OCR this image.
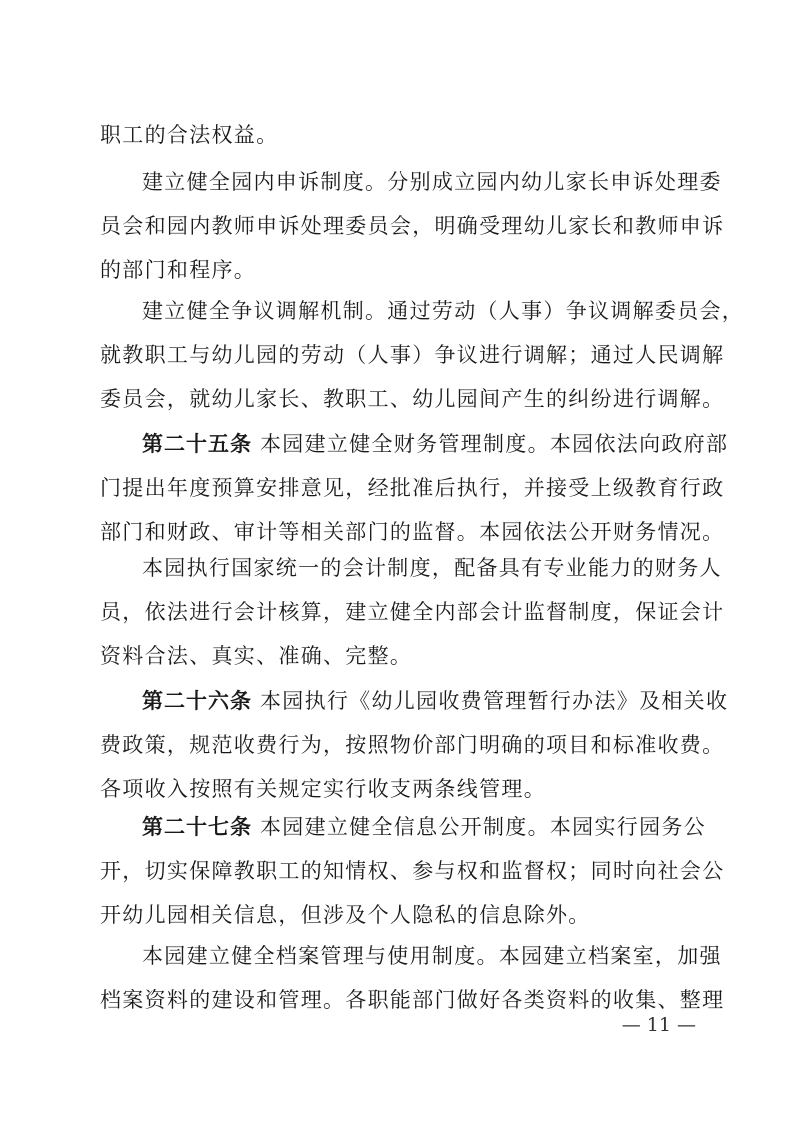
职工的合法权益。

建立健全园内申诉制度。分别成立园内幼儿家长申诉处理委
员会和园内教师申诉处理委员会，明确受理幼儿家长和教师申诉
的部门和程序。

建立健全争议调解机制。通过劳动（人事）争议调解委员会，
就教职工与幼儿园的劳动（人事）争议进行调解；通过人民调解
委员会，就幼儿家长、教职工、幼儿园间产生的纠纷进行调解。

第二十五条 本园建立健全财务管理制度。本园依法向政府部
门提出年度预算安排意见，经批准后执行，并接受上级教育行政
部门和财政、审计等相关部门的监督。本园依法公开财务情况。

本园执行国家统一的会计制度，配备具有专业能力的财务人
员，依法进行会计核算，建立健全内部会计监督制度，保证会计
资料合法、真实、准确、完整。

第二十六条 本园执行《幼儿园收费管理暂行办法》及相关收
费政策，规范收费行为，按照物价部门明确的项目和标准收费。
各项收入按照有关规定实行收支两条线管理。

第二十七条 本园建立健全信息公开制度。本园实行园务公
开，切实保障教职工的知情权、参与权和监督权；同时向社会公
开幼儿园相关信息，但涉及个人隐私的信息除外。

本园建立健全档案管理与使用制度。本园建立档案室，加强
档案资料的建设和管理。各职能部门做好各类资料的收集、整理

— 11 —
